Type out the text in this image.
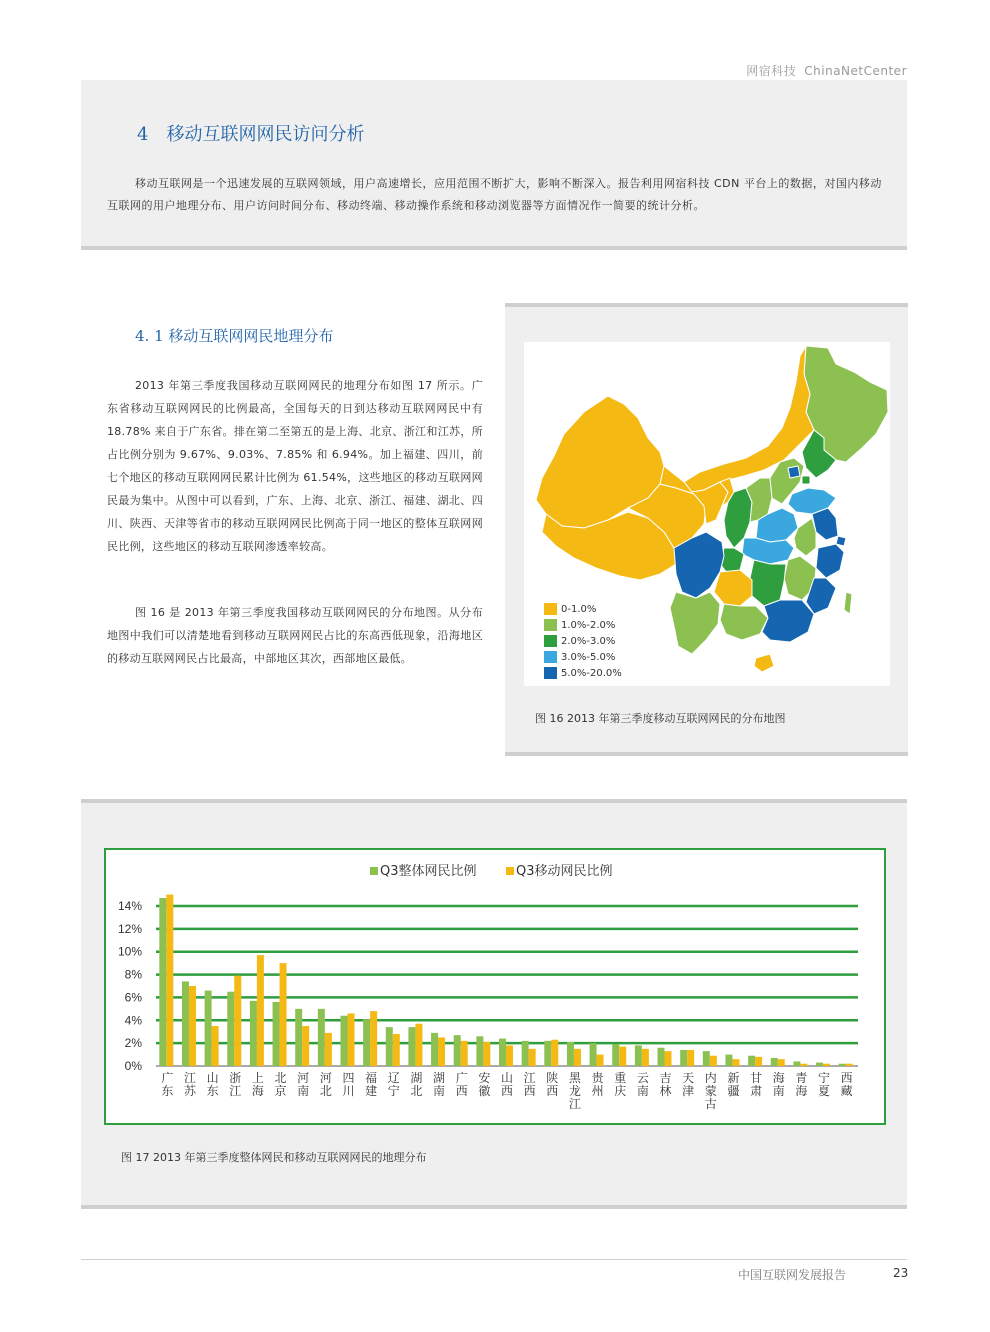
网宿科技 ChinaNetCenter
4 移动互联网网民访问分析

移动互联网是一个迅速发展的互联网领域，用户高速增长，应用范围不断扩大，影响不断深入。报告利用网宿科技 CDN 平台上的数据，对国内移动互联网的用户地理分布、用户访问时间分布、移动终端、移动操作系统和移动浏览器等方面情况作一简要的统计分析。

4. 1 移动互联网网民地理分布

2013 年第三季度我国移动互联网网民的地理分布如图 17 所示。广东省移动互联网网民的比例最高，全国每天的日到达移动互联网网民中有 18.78% 来自于广东省。排在第二至第五的是上海、北京、浙江和江苏，所占比例分别为 9.67%、9.03%、7.85% 和 6.94%。加上福建、四川，前七个地区的移动互联网网民累计比例为 61.54%，这些地区的移动互联网网民最为集中。从图中可以看到，广东、上海、北京、浙江、福建、湖北、四川、陕西、天津等省市的移动互联网网民比例高于同一地区的整体互联网网民比例，这些地区的移动互联网渗透率较高。

图 16 是 2013 年第三季度我国移动互联网网民的分布地图。从分布地图中我们可以清楚地看到移动互联网网民占比的东高西低现象，沿海地区的移动互联网网民占比最高，中部地区其次，西部地区最低。

0-1.0%
1.0%-2.0%
2.0%-3.0%
3.0%-5.0%
5.0%-20.0%
图 16 2013 年第三季度移动互联网网民的分布地图
0%
2%
4%
6%
8%
10%
12%
14%
Q3整体网民比例	Q3移动网民比例
广东
江苏
山东
浙江
上海
北京
河南
河北
四川
福建
辽宁
湖北
湖南
广西
安徽
山西
江西
陕西
黑龙江
贵州
重庆
云南
吉林
天津
内蒙古
新疆
甘肃
海南
青海
宁夏
西藏
图 17 2013 年第三季度整体网民和移动互联网网民的地理分布
中国互联网发展报告	23
